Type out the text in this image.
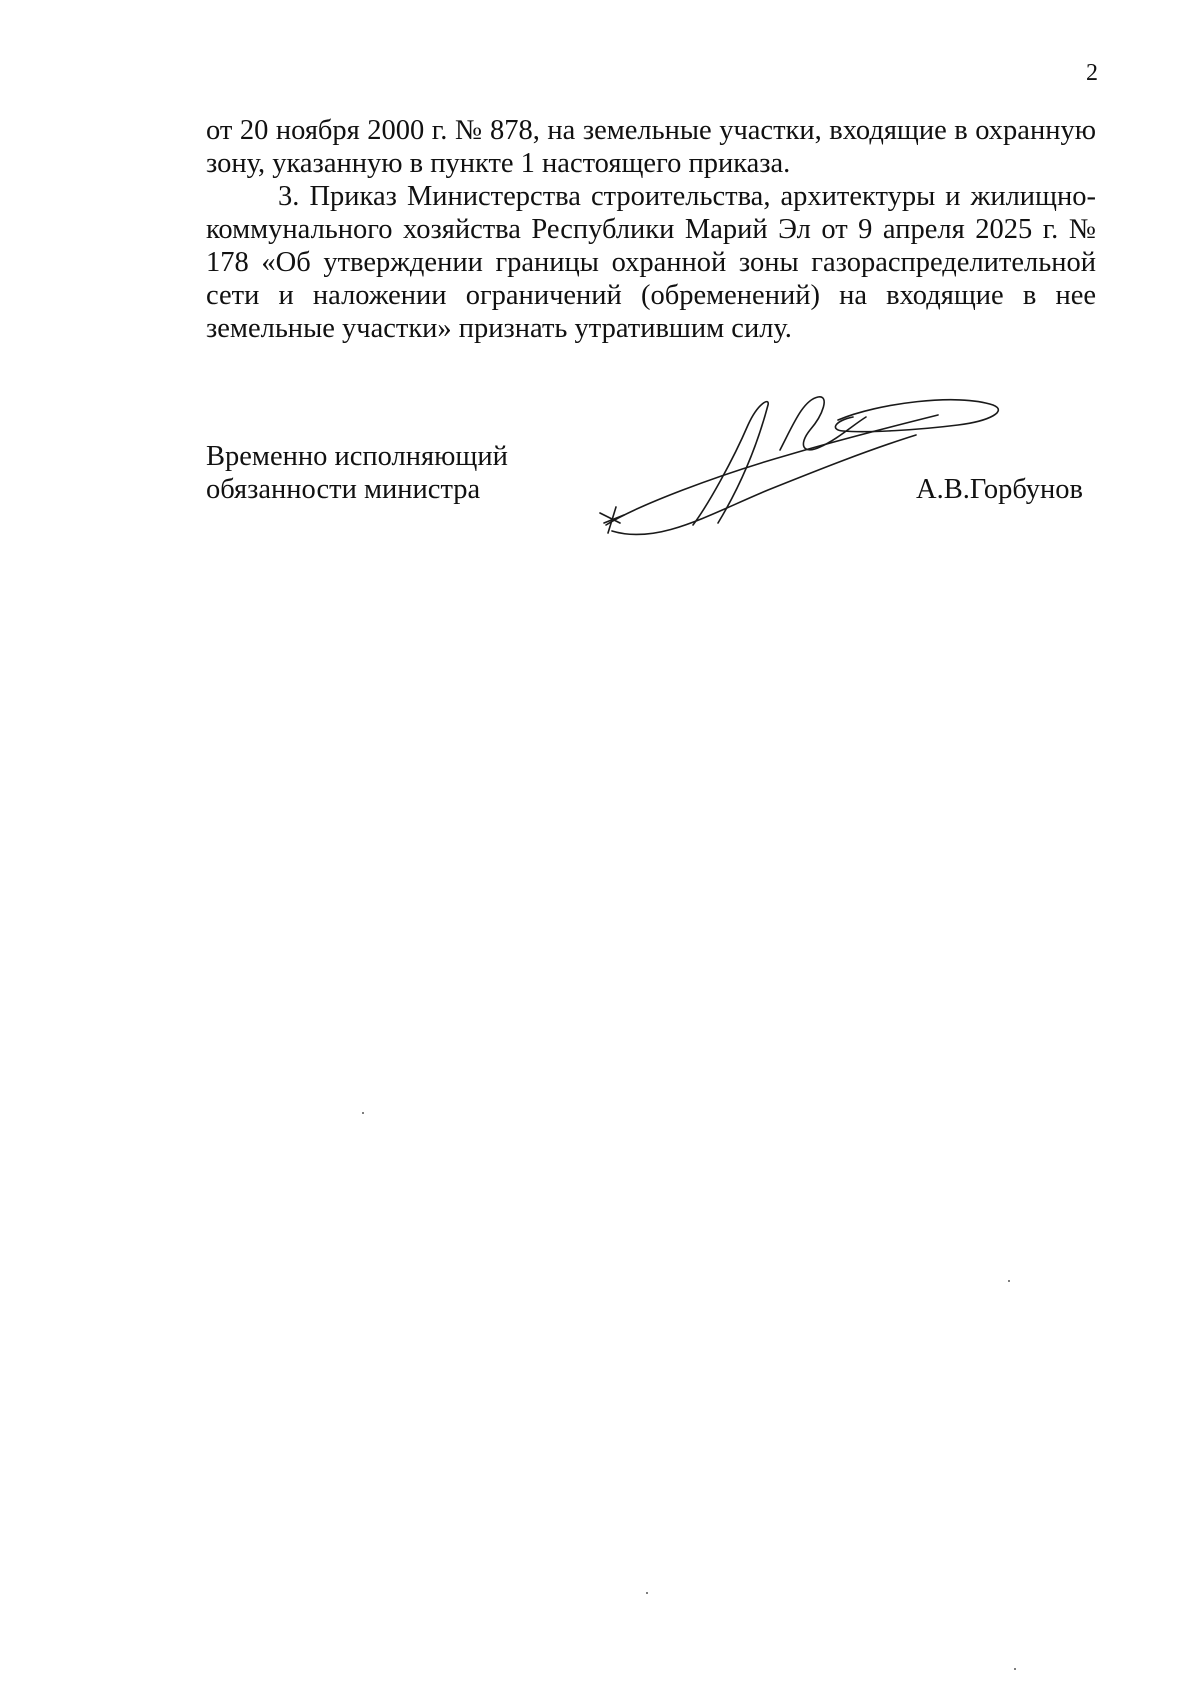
2

от 20 ноября 2000 г. № 878, на земельные участки, входящие в охранную зону, указанную в пункте 1 настоящего приказа.

3. Приказ Министерства строительства, архитектуры и жилищно-коммунального хозяйства Республики Марий Эл от 9 апреля 2025 г. № 178 «Об утверждении границы охранной зоны газораспределительной сети и наложении ограничений (обременений) на входящие в нее земельные участки» признать утратившим силу.

Временно исполняющий
обязанности министра	А.В.Горбунов
